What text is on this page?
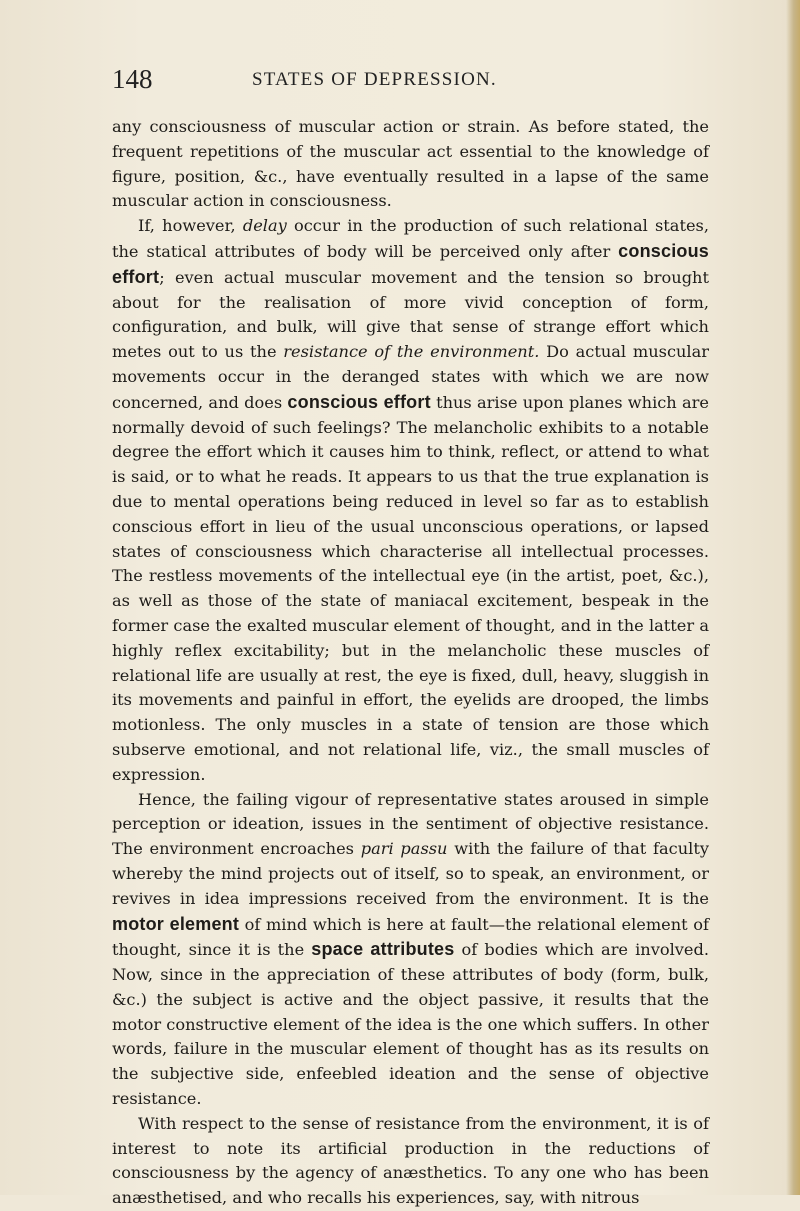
148	STATES OF DEPRESSION.

any consciousness of muscular action or strain. As before stated, the frequent repetitions of the muscular act essential to the knowledge of figure, position, &c., have eventually resulted in a lapse of the same muscular action in consciousness.

If, however, delay occur in the production of such relational states, the statical attributes of body will be perceived only after conscious effort; even actual muscular movement and the tension so brought about for the realisation of more vivid conception of form, configuration, and bulk, will give that sense of strange effort which metes out to us the resistance of the environment. Do actual muscular movements occur in the deranged states with which we are now concerned, and does conscious effort thus arise upon planes which are normally devoid of such feelings? The melancholic exhibits to a notable degree the effort which it causes him to think, reflect, or attend to what is said, or to what he reads. It appears to us that the true explanation is due to mental operations being reduced in level so far as to establish conscious effort in lieu of the usual unconscious operations, or lapsed states of consciousness which characterise all intellectual processes. The restless movements of the intellectual eye (in the artist, poet, &c.), as well as those of the state of maniacal excitement, bespeak in the former case the exalted muscular element of thought, and in the latter a highly reflex excitability; but in the melancholic these muscles of relational life are usually at rest, the eye is fixed, dull, heavy, sluggish in its movements and painful in effort, the eyelids are drooped, the limbs motionless. The only muscles in a state of tension are those which subserve emotional, and not relational life, viz., the small muscles of expression.

Hence, the failing vigour of representative states aroused in simple perception or ideation, issues in the sentiment of objective resistance. The environment encroaches pari passu with the failure of that faculty whereby the mind projects out of itself, so to speak, an environment, or revives in idea impressions received from the environment. It is the motor element of mind which is here at fault—the relational element of thought, since it is the space attributes of bodies which are involved. Now, since in the appreciation of these attributes of body (form, bulk, &c.) the subject is active and the object passive, it results that the motor constructive element of the idea is the one which suffers. In other words, failure in the muscular element of thought has as its results on the subjective side, enfeebled ideation and the sense of objective resistance.

With respect to the sense of resistance from the environment, it is of interest to note its artificial production in the reductions of consciousness by the agency of anæsthetics. To any one who has been anæsthetised, and who recalls his experiences, say, with nitrous
